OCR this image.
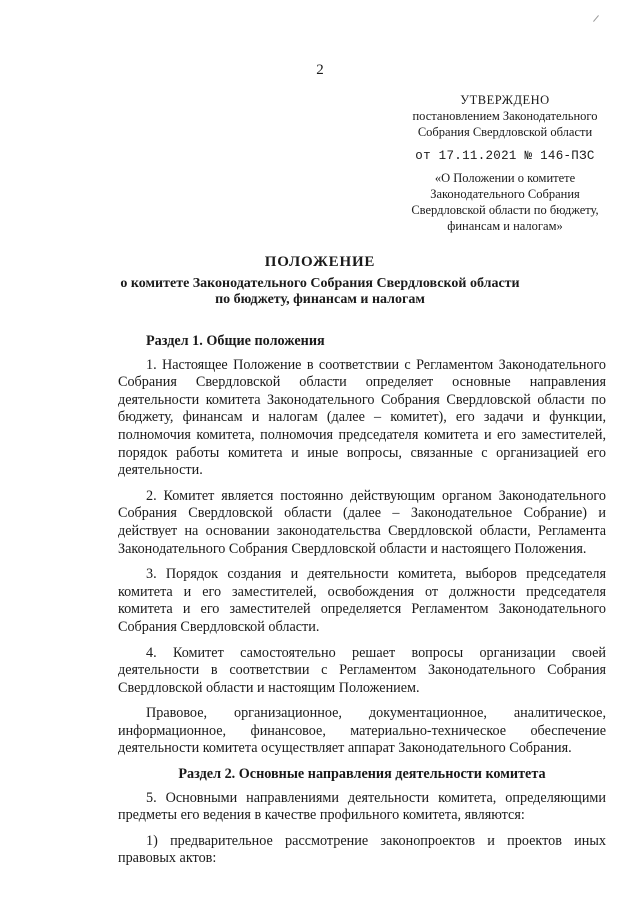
2
УТВЕРЖДЕНО
постановлением Законодательного
Собрания Свердловской области
от 17.11.2021 № 146-ПЗС
«О Положении о комитете
Законодательного Собрания
Свердловской области по бюджету,
финансам и налогам»
ПОЛОЖЕНИЕ
о комитете Законодательного Собрания Свердловской области
по бюджету, финансам и налогам
Раздел 1. Общие положения

1. Настоящее Положение в соответствии с Регламентом Законодательного Собрания Свердловской области определяет основные направления деятельности комитета Законодательного Собрания Свердловской области по бюджету, финансам и налогам (далее – комитет), его задачи и функции, полномочия комитета, полномочия председателя комитета и его заместителей, порядок работы комитета и иные вопросы, связанные с организацией его деятельности.

2. Комитет является постоянно действующим органом Законодательного Собрания Свердловской области (далее – Законодательное Собрание) и действует на основании законодательства Свердловской области, Регламента Законодательного Собрания Свердловской области и настоящего Положения.

3. Порядок создания и деятельности комитета, выборов председателя комитета и его заместителей, освобождения от должности председателя комитета и его заместителей определяется Регламентом Законодательного Собрания Свердловской области.

4. Комитет самостоятельно решает вопросы организации своей деятельности в соответствии с Регламентом Законодательного Собрания Свердловской области и настоящим Положением.

Правовое, организационное, документационное, аналитическое, информационное, финансовое, материально-техническое обеспечение деятельности комитета осуществляет аппарат Законодательного Собрания.

Раздел 2. Основные направления деятельности комитета

5. Основными направлениями деятельности комитета, определяющими предметы его ведения в качестве профильного комитета, являются:

1) предварительное рассмотрение законопроектов и проектов иных правовых актов:
